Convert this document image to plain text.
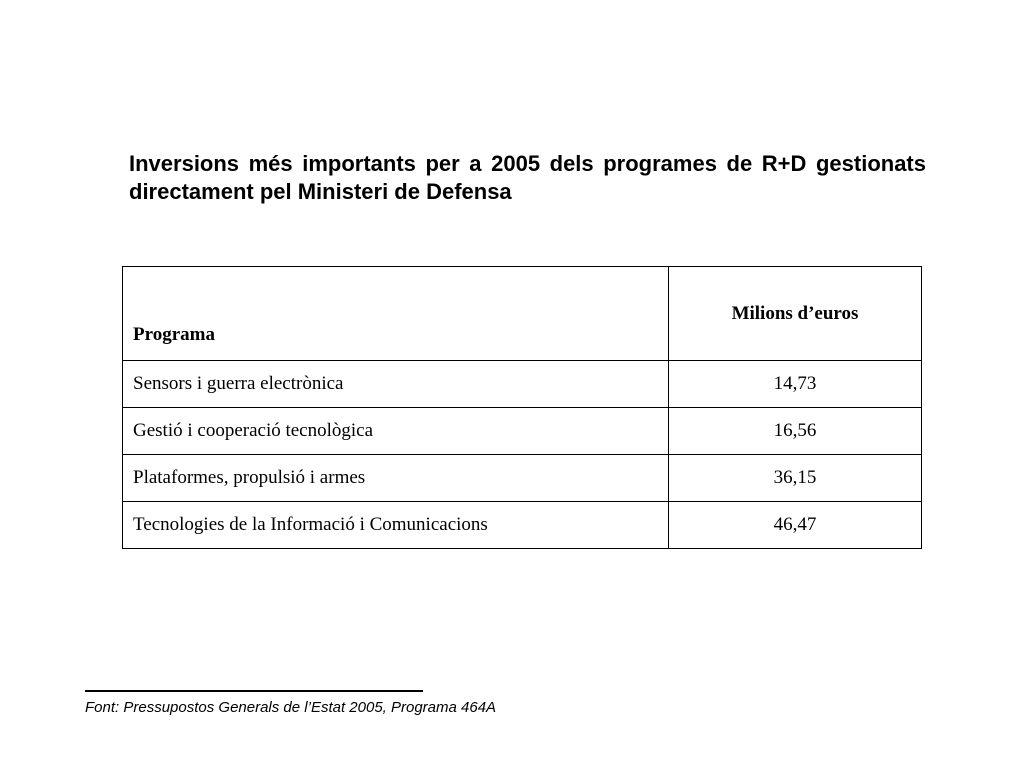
Inversions més importants per a 2005 dels programes de R+D gestionats directament pel Ministeri de Defensa
Programa	Milions d’euros
Sensors i guerra electrònica	14,73
Gestió i cooperació tecnològica	16,56
Plataformes, propulsió i armes	36,15
Tecnologies de la Informació i Comunicacions	46,47

Font: Pressupostos Generals de l’Estat 2005, Programa 464A
